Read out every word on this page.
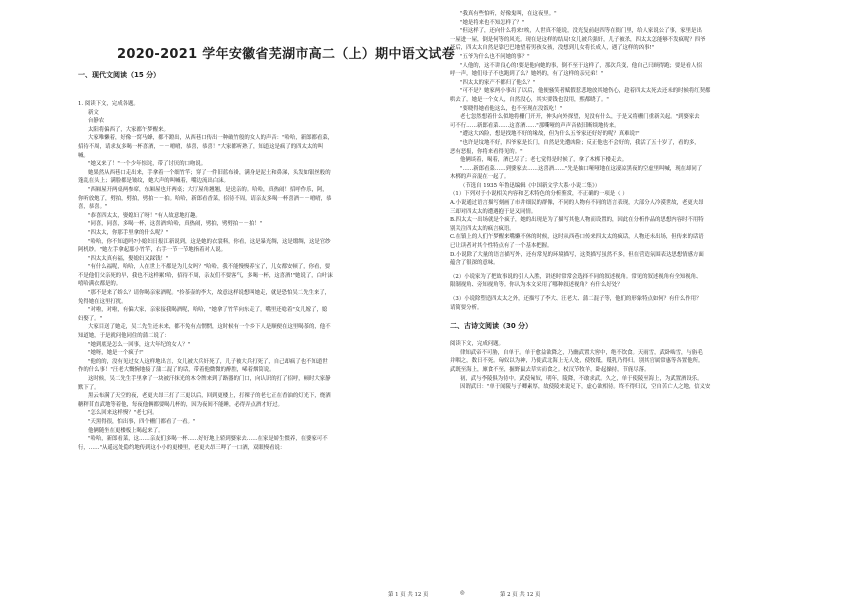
2020-2021 学年安徽省芜湖市高二（上）期中语文试卷
一、现代文阅读（15 分）

1. 阅读下文，完成各题。

新文

台静农

太阳将偏西了，大家都午梦醒来。

大家唯懒着，好像一窝马蜂，都不蹬出，从西巷口传出一种破竹般的女人的声音："哈哈，新郎都看菜，

招待不周，请求友多喝一杯喜酒，－－唷唷，恭喜，恭喜！"大家都听熟了，知道这是疯了的四太太的叫

喊。

"她又来了！"一个少年惊诧，带了讨厌的口吻说。

她果然从西巷口走出来，手拿着一个细竹竿；穿了一件旧蓝布褂，满身是泥土和鼻涕，头发如银丝般的

蓬乱在头上；满脸都是皱纹，她大声的叫喊着，嘴边流出白沫。

"西厢屋开两桌两参席，东厢屋也开两桌；大厅屋角翘翘，是送亲的。哈哈，真热闹！招呼作乐，阿，

你听放炮了，劈拍，劈拍，劈拍－－拍。哈哈，新郎看香菜，招待不周，请亲友多喝一杯喜酒－－唷唷，恭

喜，恭喜。"

"恭喜四太太，娶媳妇了呀！"有人故意地打趣。

"同喜，同喜，多喝一杯，这喜酒!哈哈，真热闹，劈拍，劈劈拍－－拍！"

"四太太，你那手里拿的什么呢？"

"哈哈，你不知道吗?小媳妇日报江新说到，这是她的衣裳料，你看，这是暴光绸，这是缎绸，这是官纱

阿机纱。"她左手拿起那小竹竿，右手一节一节地指着对人说。

"四太太真有福，娶媳妇又踩钱！"

"有什么福呢，哈哈，人在世上不都是为儿女吗？"哈哈，我不能慢慢养宝了，儿女都安顿了，你看，要

不是他们父亲死的早，我也不这样累!哈，招待不周，亲友们不要客气，多喝一杯，这喜酒!"她说了，白叶沫

嘻哈满衣都是的。

"那不是来了娇么？请你喝亲家酒呢。"拎茶壶的李大，故意这样说想叫她走，就是恐怕吴二先生来了，

免得她在这里打扰。

"对啦，对啦，有偏大家，亲家接我喝酒呢，哈哈，"她拿了竹竿向东走了，嘴里还唸着"女儿嫁了，媳

妇娶了。"

大家目送了她走，吴二先生还未来，都不免有点惘惘，这时候有一个乡下人是顺便在这里喝茶的，他不

知道她，于是就问他同住的蒲二说了：

"她到底是怎么一回事，这大年纪的女人？"

"她呀，她是一个疯子!"

"他的的，没有见过女人这样地出言，女儿被大兵奸死了，儿子被大兵打死了，自己却疯了也不知道世

作的什么事！"汪老大慨惋地接了蒲二混了的话，带着他微微的醉腔，唏着烟筒说。

这时候，吴二先生手里拿了一块被汗抹光的木令牌来到了路器的门口，向认识的打了招呼，顿时大家静

默下了。

黑云布满了天空的夜，老更夫昂三打了三更以后，回到更楼上，打裸子的老七正在香油的灯光下，烧洒

糖秤苜直武地等着他，每夜他俩都要喝几杯的，因为夜间不能睡，必得弄点酒才好过。

"怎么回来这样慢？"老七问。

"天黑得很，怕出事，四个栅门都看了一看。"

他俩随坐在更楼板上喝起来了。

"哈哈，新郎看菜，这……亲友们多喝一杯……好好地上轿到婆家去……在家是娇生惯养，在婆家可不

行，……"从遥远处隐约地传到这小小的更楼里，老更夫昂三呷了一口酒，双眼慢看说：

"我真有些怕听，好像鬼叫，在这夜里。"

"她是将来也不知怎样了？"

"但这样了，还向什么将来!唉，人世真不能说，没光复前赵四等在衙门里，给人家说公了事，家里是出

一屋进一屋，倒是何等的风光。现在是这样的结局!女儿被兵强奸，儿子被杀，四太太怎能够不发疯呢？四爷

死后，四太太自然是靠巴巴地望着男孩女孩，没想到儿女将长成人，遇了这样的凶事!"

"五爷为什么也不问她的事？"

"人他的，这不讲良心的!要是他向她的事，倒不至于这样了，那次兵变，他自己只顾得跑；要是看人招

呼一声，她们母子不也跑到了么？她妈的，有了这样的亲兄弟！"

"四太太的家产不都归了他么？"

"可不是？她家两小事出了以后，他便骚笑者赋假惹悲地放其她伤心，趁着四太太死去还未的时候将红契都

哄去了，她是一个女人，自然没心，其实要钱也没用，熙都晓了。"

"要晓得她看他这么，也不至现在没饭吃！"

老七忽然想着什么似地将栅门开开，伸头向外探望，见没有什么，于是又将栅门重新关起。"到婆家去

可不行……新郎看菜……这喜酒……"那嘶哑的声声音依旧断续地传来。

"遭这大凶险，想是找地不好的缘故，但为什么五爷家还好好的呢？真难说!"

"也许是坟地不好，四爷家是长门，自然是先遭凶险；反正他也不会好的，我活了五十岁了，看的多，

恶有恶报，你将来看得见的。"

他俩谈着，喝着，酒已尽了；老七觉得是时候了，拿了木梆下楼走去。

"……新郎看菜……到婆家去……这喜酒……"先是抽口哑哑地在这凄凉黑夜的空虚里叫喊，现在却同了

木梆的声音混在一起了。

（节选自 1935 年鲁迅编辑《中国新文学大系·小说二集》）

（1）下列对于小说相关内容和艺术特色的分析鉴赏，不正确的一项是（ ）

A.小说通过语言描写刻画了市井细民的群像，不同的人物有不同的语言表现，大部分人冷漠世故，老更夫昂

三却对四太太的遭遇抱于是又同情。

B.四太太一出场就是个疯子，她的出现是为了描写其他人物而设置的，因此在分析作品的思想内容时不用特

别关注四太太的疯言疯语。

C.在镇上的人们午梦醒来嘴懒不休的时候，这时从西巷口传来四太太的疯话，人物还未出场，但传来的话语

已让读者对其个性特点有了一个基本把握。

D.小说除了大量的语言描写外，还有常见的环境描写，这类描写虽然不多，但在营造氛围表达思想情感方面

蕴含了很深的意味。

（2）小说家为了把故事说的引人入胜，讲述时常常会选择不同的叙述视角。常见的叙述视角有全知视角、

限制视角、旁知视角等。你认为本文采用了哪种叙述视角？有什么好处？

（3）小说除塑造四太太之外，还描写了李大、汪老大、蒲二混子等，他们的形象特点如何？有什么作用？

请简要分析。

二、古诗文阅读（30 分）

阅读下文，完成问题。

律知武帝不可胁，自单于。单于愈益欲降之，乃幽武置大窖中，绝不饮食。天雨雪，武卧啮雪，与旃毛

并咽之，数日不死。匈奴以为神，乃徙武北海上无人处，使牧羝，羝乳乃得归。别其官属常惠等各置他所。

武既至海上，廪食不至，掘野鼠去草实而食之。杖汉节牧羊，卧起操持，节旄尽落。

初，武与李陵俱为侍中。武使匈奴，明年，陵降，不敢求武。久之，单于使陵至海上，为武置酒设乐。

因谓武曰："单于闻陵与子卿素厚，故使陵来说足下，虚心欲相待。终不得归汉，空自苦亡人之地，信义安

第 1 页 共 12 页	◎	第 2 页 共 12 页
